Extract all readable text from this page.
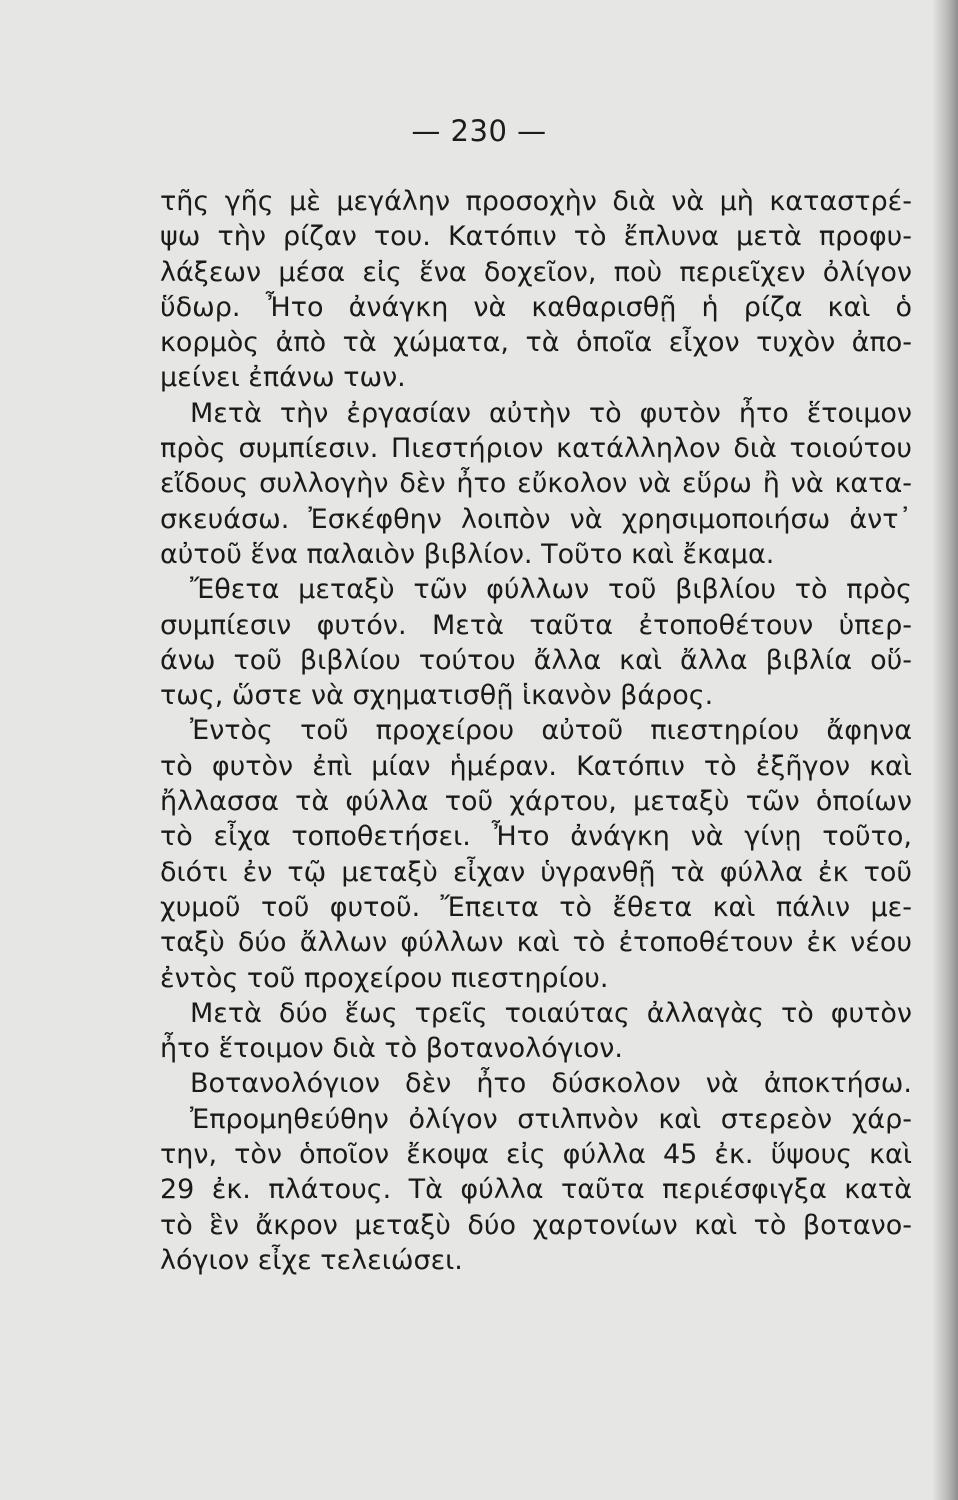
— 230 —
τῆς γῆς μὲ μεγάλην προσοχὴν διὰ νὰ μὴ καταστρέ-
ψω τὴν ρίζαν του. Κατόπιν τὸ ἔπλυνα μετὰ προφυ-
λάξεων μέσα εἰς ἕνα δοχεῖον, ποὺ περιεῖχεν ὀλίγον
ὕδωρ. Ἦτο ἀνάγκη νὰ καθαρισθῇ ἡ ρίζα καὶ ὁ
κορμὸς ἀπὸ τὰ χώματα, τὰ ὁποῖα εἶχον τυχὸν ἀπο-
μείνει ἐπάνω των.
Μετὰ τὴν ἐργασίαν αὐτὴν τὸ φυτὸν ἦτο ἕτοιμον
πρὸς συμπίεσιν. Πιεστήριον κατάλληλον διὰ τοιούτου
εἴδους συλλογὴν δὲν ἦτο εὔκολον νὰ εὕρω ἢ νὰ κατα-
σκευάσω. Ἐσκέφθην λοιπὸν νὰ χρησιμοποιήσω ἀντ᾽
αὐτοῦ ἕνα παλαιὸν βιβλίον. Τοῦτο καὶ ἔκαμα.
Ἔθετα μεταξὺ τῶν φύλλων τοῦ βιβλίου τὸ πρὸς
συμπίεσιν φυτόν. Μετὰ ταῦτα ἐτοποθέτουν ὑπερ-
άνω τοῦ βιβλίου τούτου ἄλλα καὶ ἄλλα βιβλία οὕ-
τως, ὥστε νὰ σχηματισθῇ ἱκανὸν βάρος.
Ἐντὸς τοῦ προχείρου αὐτοῦ πιεστηρίου ἄφηνα
τὸ φυτὸν ἐπὶ μίαν ἡμέραν. Κατόπιν τὸ ἐξῆγον καὶ
ἤλλασσα τὰ φύλλα τοῦ χάρτου, μεταξὺ τῶν ὁποίων
τὸ εἶχα τοποθετήσει. Ἦτο ἀνάγκη νὰ γίνῃ τοῦτο,
διότι ἐν τῷ μεταξὺ εἶχαν ὑγρανθῇ τὰ φύλλα ἐκ τοῦ
χυμοῦ τοῦ φυτοῦ. Ἔπειτα τὸ ἔθετα καὶ πάλιν με-
ταξὺ δύο ἄλλων φύλλων καὶ τὸ ἐτοποθέτουν ἐκ νέου
ἐντὸς τοῦ προχείρου πιεστηρίου.
Μετὰ δύο ἕως τρεῖς τοιαύτας ἀλλαγὰς τὸ φυτὸν
ἦτο ἕτοιμον διὰ τὸ βοτανολόγιον.
Βοτανολόγιον δὲν ἦτο δύσκολον νὰ ἀποκτήσω.
Ἐπρομηθεύθην ὀλίγον στιλπνὸν καὶ στερεὸν χάρ-
την, τὸν ὁποῖον ἔκοψα εἰς φύλλα 45 ἐκ. ὕψους καὶ
29 ἐκ. πλάτους. Τὰ φύλλα ταῦτα περιέσφιγξα κατὰ
τὸ ἓν ἄκρον μεταξὺ δύο χαρτονίων καὶ τὸ βοτανο-
λόγιον εἶχε τελειώσει.
